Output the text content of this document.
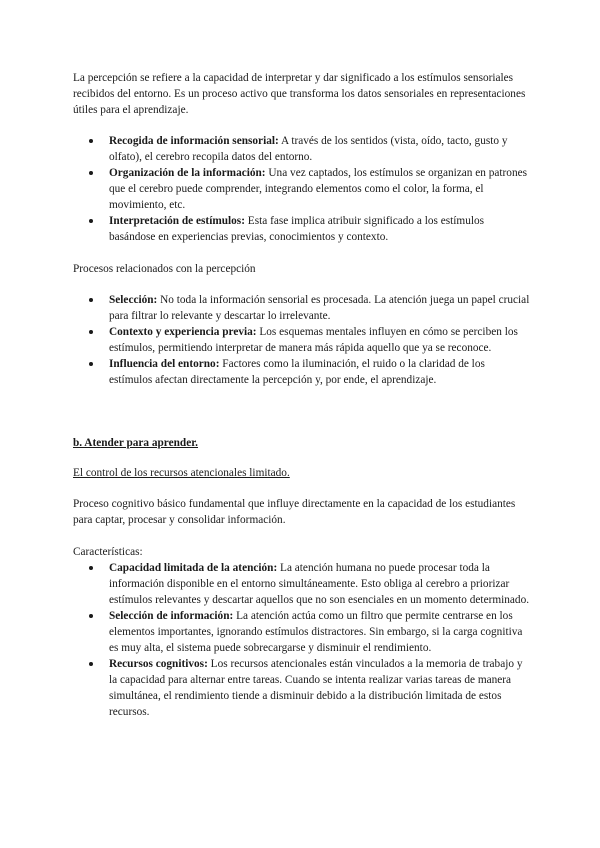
La percepción se refiere a la capacidad de interpretar y dar significado a los estímulos sensoriales recibidos del entorno. Es un proceso activo que transforma los datos sensoriales en representaciones útiles para el aprendizaje.

Recogida de información sensorial: A través de los sentidos (vista, oído, tacto, gusto y olfato), el cerebro recopila datos del entorno.
Organización de la información: Una vez captados, los estímulos se organizan en patrones que el cerebro puede comprender, integrando elementos como el color, la forma, el movimiento, etc.
Interpretación de estímulos: Esta fase implica atribuir significado a los estímulos basándose en experiencias previas, conocimientos y contexto.

Procesos relacionados con la percepción

Selección: No toda la información sensorial es procesada. La atención juega un papel crucial para filtrar lo relevante y descartar lo irrelevante.
Contexto y experiencia previa: Los esquemas mentales influyen en cómo se perciben los estímulos, permitiendo interpretar de manera más rápida aquello que ya se reconoce.
Influencia del entorno: Factores como la iluminación, el ruido o la claridad de los estímulos afectan directamente la percepción y, por ende, el aprendizaje.

b. Atender para aprender.

El control de los recursos atencionales limitado.

Proceso cognitivo básico fundamental que influye directamente en la capacidad de los estudiantes para captar, procesar y consolidar información.

Características:

Capacidad limitada de la atención: La atención humana no puede procesar toda la información disponible en el entorno simultáneamente. Esto obliga al cerebro a priorizar estímulos relevantes y descartar aquellos que no son esenciales en un momento determinado.
Selección de información: La atención actúa como un filtro que permite centrarse en los elementos importantes, ignorando estímulos distractores. Sin embargo, si la carga cognitiva es muy alta, el sistema puede sobrecargarse y disminuir el rendimiento.
Recursos cognitivos: Los recursos atencionales están vinculados a la memoria de trabajo y la capacidad para alternar entre tareas. Cuando se intenta realizar varias tareas de manera simultánea, el rendimiento tiende a disminuir debido a la distribución limitada de estos recursos.
